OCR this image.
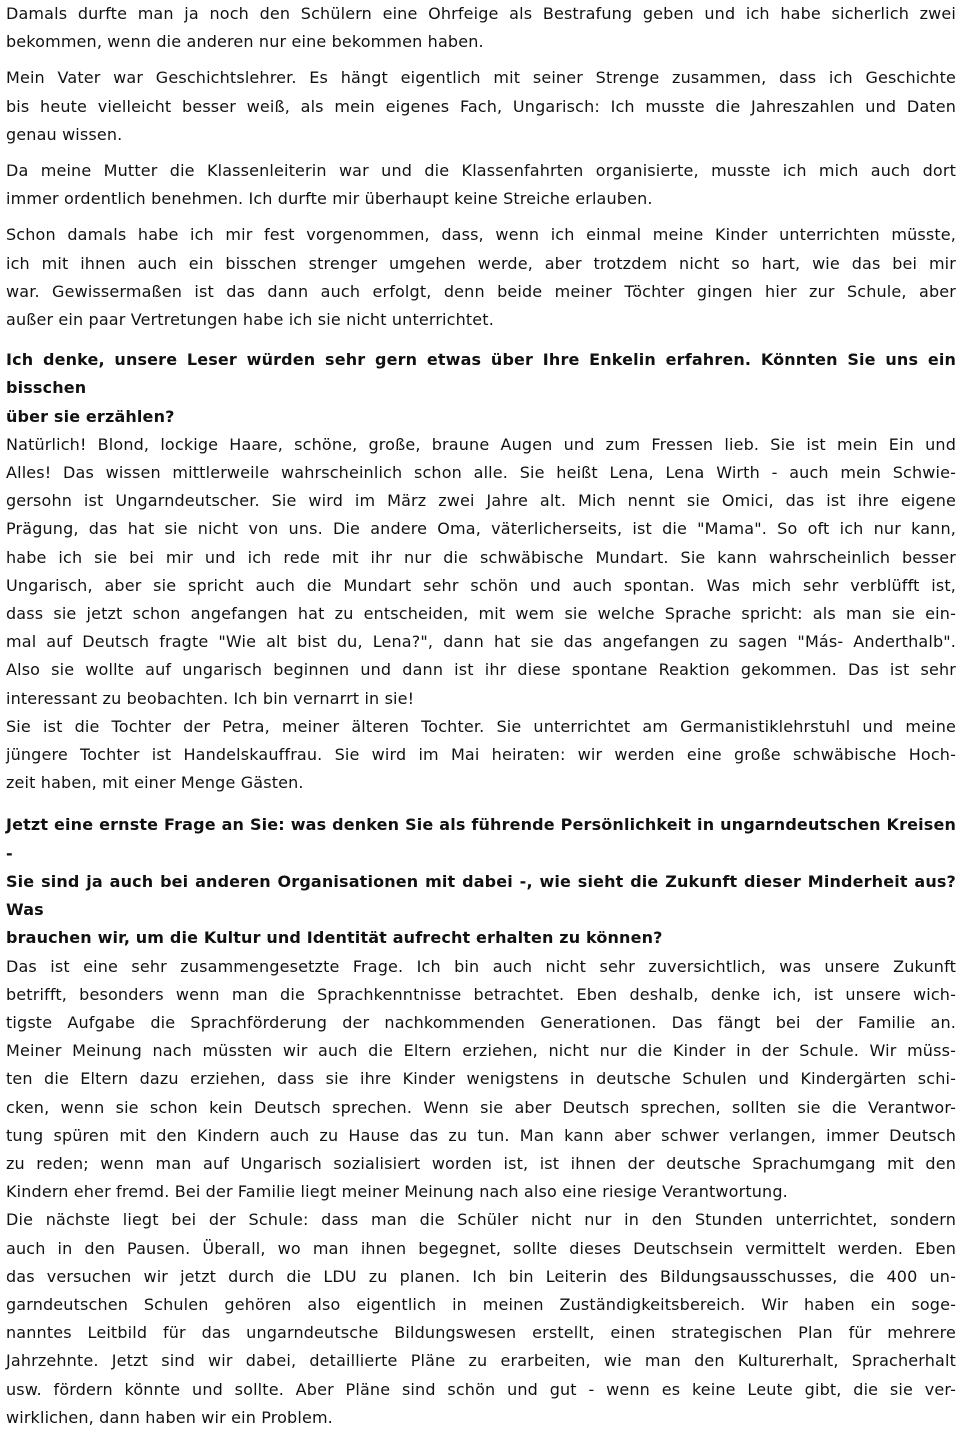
Damals durfte man ja noch den Schülern eine Ohrfeige als Bestrafung geben und ich habe sicherlich zwei
bekommen, wenn die anderen nur eine bekommen haben.

Mein Vater war Geschichtslehrer. Es hängt eigentlich mit seiner Strenge zusammen, dass ich Geschichte
bis heute vielleicht besser weiß, als mein eigenes Fach, Ungarisch: Ich musste die Jahreszahlen und Daten
genau wissen.

Da meine Mutter die Klassenleiterin war und die Klassenfahrten organisierte, musste ich mich auch dort
immer ordentlich benehmen. Ich durfte mir überhaupt keine Streiche erlauben.

Schon damals habe ich mir fest vorgenommen, dass, wenn ich einmal meine Kinder unterrichten müsste,
ich mit ihnen auch ein bisschen strenger umgehen werde, aber trotzdem nicht so hart, wie das bei mir
war. Gewissermaßen ist das dann auch erfolgt, denn beide meiner Töchter gingen hier zur Schule, aber
außer ein paar Vertretungen habe ich sie nicht unterrichtet.

Ich denke, unsere Leser würden sehr gern etwas über Ihre Enkelin erfahren. Könnten Sie uns ein bisschen
über sie erzählen?

Natürlich! Blond, lockige Haare, schöne, große, braune Augen und zum Fressen lieb. Sie ist mein Ein und
Alles! Das wissen mittlerweile wahrscheinlich schon alle. Sie heißt Lena, Lena Wirth - auch mein Schwie-
gersohn ist Ungarndeutscher. Sie wird im März zwei Jahre alt. Mich nennt sie Omici, das ist ihre eigene
Prägung, das hat sie nicht von uns. Die andere Oma, väterlicherseits, ist die "Mama". So oft ich nur kann,
habe ich sie bei mir und ich rede mit ihr nur die schwäbische Mundart. Sie kann wahrscheinlich besser
Ungarisch, aber sie spricht auch die Mundart sehr schön und auch spontan. Was mich sehr verblüfft ist,
dass sie jetzt schon angefangen hat zu entscheiden, mit wem sie welche Sprache spricht: als man sie ein-
mal auf Deutsch fragte "Wie alt bist du, Lena?", dann hat sie das angefangen zu sagen "Más- Anderthalb".
Also sie wollte auf ungarisch beginnen und dann ist ihr diese spontane Reaktion gekommen. Das ist sehr
interessant zu beobachten. Ich bin vernarrt in sie!

Sie ist die Tochter der Petra, meiner älteren Tochter. Sie unterrichtet am Germanistiklehrstuhl und meine
jüngere Tochter ist Handelskauffrau. Sie wird im Mai heiraten: wir werden eine große schwäbische Hoch-
zeit haben, mit einer Menge Gästen.

Jetzt eine ernste Frage an Sie: was denken Sie als führende Persönlichkeit in ungarndeutschen Kreisen -
Sie sind ja auch bei anderen Organisationen mit dabei -, wie sieht die Zukunft dieser Minderheit aus? Was
brauchen wir, um die Kultur und Identität aufrecht erhalten zu können?

Das ist eine sehr zusammengesetzte Frage. Ich bin auch nicht sehr zuversichtlich, was unsere Zukunft
betrifft, besonders wenn man die Sprachkenntnisse betrachtet. Eben deshalb, denke ich, ist unsere wich-
tigste Aufgabe die Sprachförderung der nachkommenden Generationen. Das fängt bei der Familie an.
Meiner Meinung nach müssten wir auch die Eltern erziehen, nicht nur die Kinder in der Schule. Wir müss-
ten die Eltern dazu erziehen, dass sie ihre Kinder wenigstens in deutsche Schulen und Kindergärten schi-
cken, wenn sie schon kein Deutsch sprechen. Wenn sie aber Deutsch sprechen, sollten sie die Verantwor-
tung spüren mit den Kindern auch zu Hause das zu tun. Man kann aber schwer verlangen, immer Deutsch
zu reden; wenn man auf Ungarisch sozialisiert worden ist, ist ihnen der deutsche Sprachumgang mit den
Kindern eher fremd. Bei der Familie liegt meiner Meinung nach also eine riesige Verantwortung.

Die nächste liegt bei der Schule: dass man die Schüler nicht nur in den Stunden unterrichtet, sondern
auch in den Pausen. Überall, wo man ihnen begegnet, sollte dieses Deutschsein vermittelt werden. Eben
das versuchen wir jetzt durch die LDU zu planen. Ich bin Leiterin des Bildungsausschusses, die 400 un-
garndeutschen Schulen gehören also eigentlich in meinen Zuständigkeitsbereich. Wir haben ein soge-
nanntes Leitbild für das ungarndeutsche Bildungswesen erstellt, einen strategischen Plan für mehrere
Jahrzehnte. Jetzt sind wir dabei, detaillierte Pläne zu erarbeiten, wie man den Kulturerhalt, Spracherhalt
usw. fördern könnte und sollte. Aber Pläne sind schön und gut - wenn es keine Leute gibt, die sie ver-
wirklichen, dann haben wir ein Problem.
